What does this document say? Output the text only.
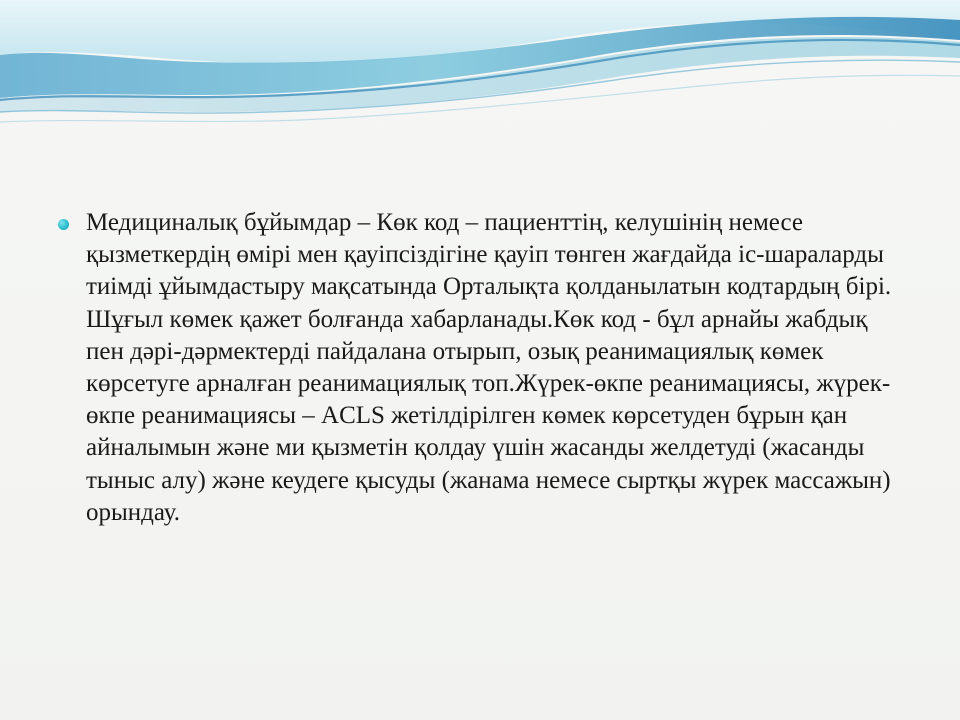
Медициналық бұйымдар – Көк код – пациенттің, келушінің немесе қызметкердің өмірі мен қауіпсіздігіне қауіп төнген жағдайда іс-шараларды тиімді ұйымдастыру мақсатында Орталықта қолданылатын кодтардың бірі. Шұғыл көмек қажет болғанда хабарланады.Көк код - бұл арнайы жабдық пен дәрі-дәрмектерді пайдалана отырып, озық реанимациялық көмек көрсетуге арналған реанимациялық топ.Жүрек-өкпе реанимациясы, жүрек-өкпе реанимациясы – ACLS жетілдірілген көмек көрсетуден бұрын қан айналымын және ми қызметін қолдау үшін жасанды желдетуді (жасанды тыныс алу) және кеудеге қысуды (жанама немесе сыртқы жүрек массажын) орындау.
